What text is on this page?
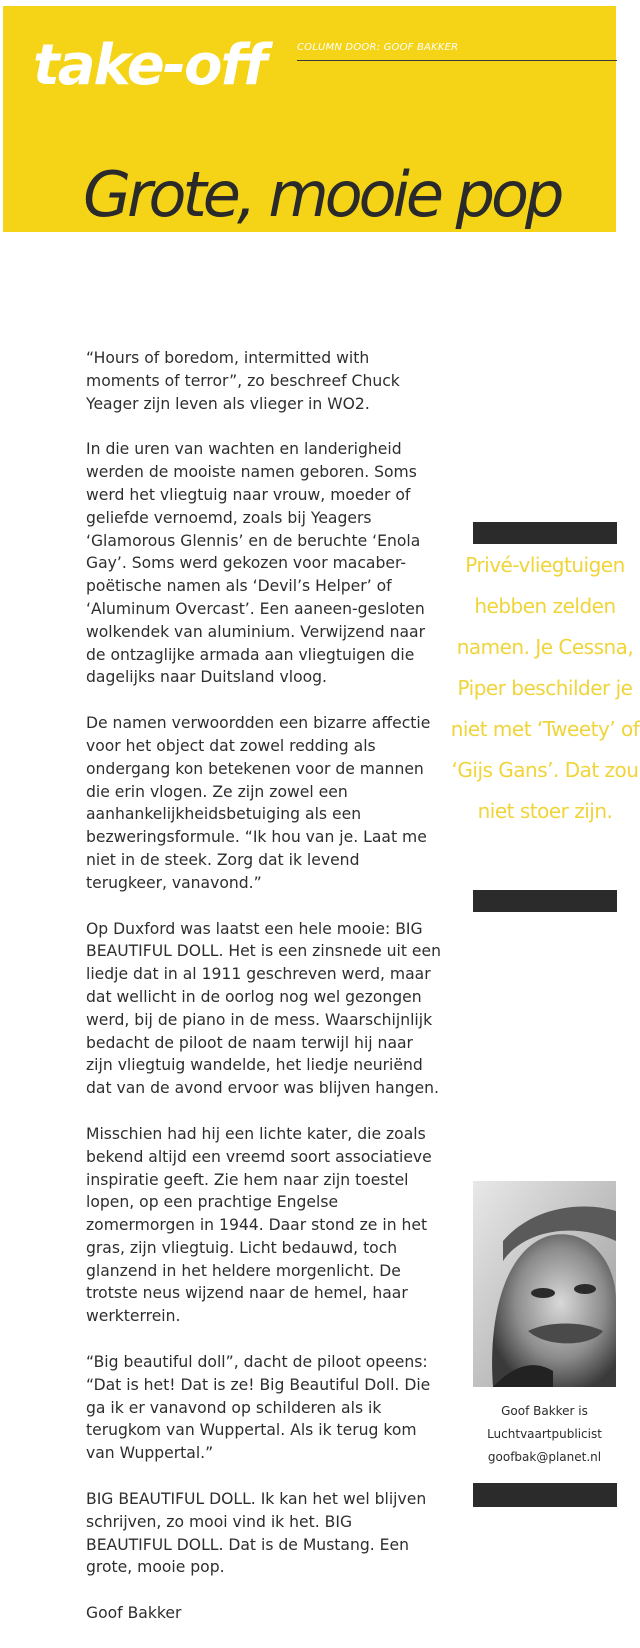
take-off	COLUMN DOOR: GOOF BAKKER
Grote, mooie pop

“Hours of boredom, intermitted with moments of terror”, zo beschreef Chuck Yeager zijn leven als vlieger in WO2.

In die uren van wachten en landerigheid werden de mooiste namen geboren. Soms werd het vliegtuig naar vrouw, moeder of geliefde vernoemd, zoals bij Yeagers ‘Glamorous Glennis’ en de beruchte ‘Enola Gay’. Soms werd gekozen voor macaber-poëtische namen als ‘Devil’s Helper’ of ‘Aluminum Overcast’. Een aaneen-gesloten wolkendek van aluminium. Verwijzend naar de ontzaglijke armada aan vliegtuigen die dagelijks naar Duitsland vloog.

De namen verwoordden een bizarre affectie voor het object dat zowel redding als ondergang kon betekenen voor de mannen die erin vlogen. Ze zijn zowel een aanhankelijkheidsbetuiging als een bezweringsformule. “Ik hou van je. Laat me niet in de steek. Zorg dat ik levend terugkeer, vanavond.”

Op Duxford was laatst een hele mooie: BIG BEAUTIFUL DOLL. Het is een zinsnede uit een liedje dat in al 1911 geschreven werd, maar dat wellicht in de oorlog nog wel gezongen werd, bij de piano in de mess. Waarschijnlijk bedacht de piloot de naam terwijl hij naar zijn vliegtuig wandelde, het liedje neuriënd dat van de avond ervoor was blijven hangen.

Misschien had hij een lichte kater, die zoals bekend altijd een vreemd soort associatieve inspiratie geeft. Zie hem naar zijn toestel lopen, op een prachtige Engelse zomermorgen in 1944. Daar stond ze in het gras, zijn vliegtuig. Licht bedauwd, toch glanzend in het heldere morgenlicht. De trotste neus wijzend naar de hemel, haar werkterrein.

“Big beautiful doll”, dacht de piloot opeens: “Dat is het! Dat is ze! Big Beautiful Doll. Die ga ik er vanavond op schilderen als ik terugkom van Wuppertal. Als ik terug kom van Wuppertal.”

BIG BEAUTIFUL DOLL. Ik kan het wel blijven schrijven, zo mooi vind ik het. BIG BEAUTIFUL DOLL. Dat is de Mustang. Een grote, mooie pop.

Goof Bakker

Privé-vliegtuigen hebben zelden namen. Je Cessna, Piper beschilder je niet met ‘Tweety’ of ‘Gijs Gans’. Dat zou niet stoer zijn.
Goof Bakker is
Luchtvaartpublicist
goofbak@planet.nl
